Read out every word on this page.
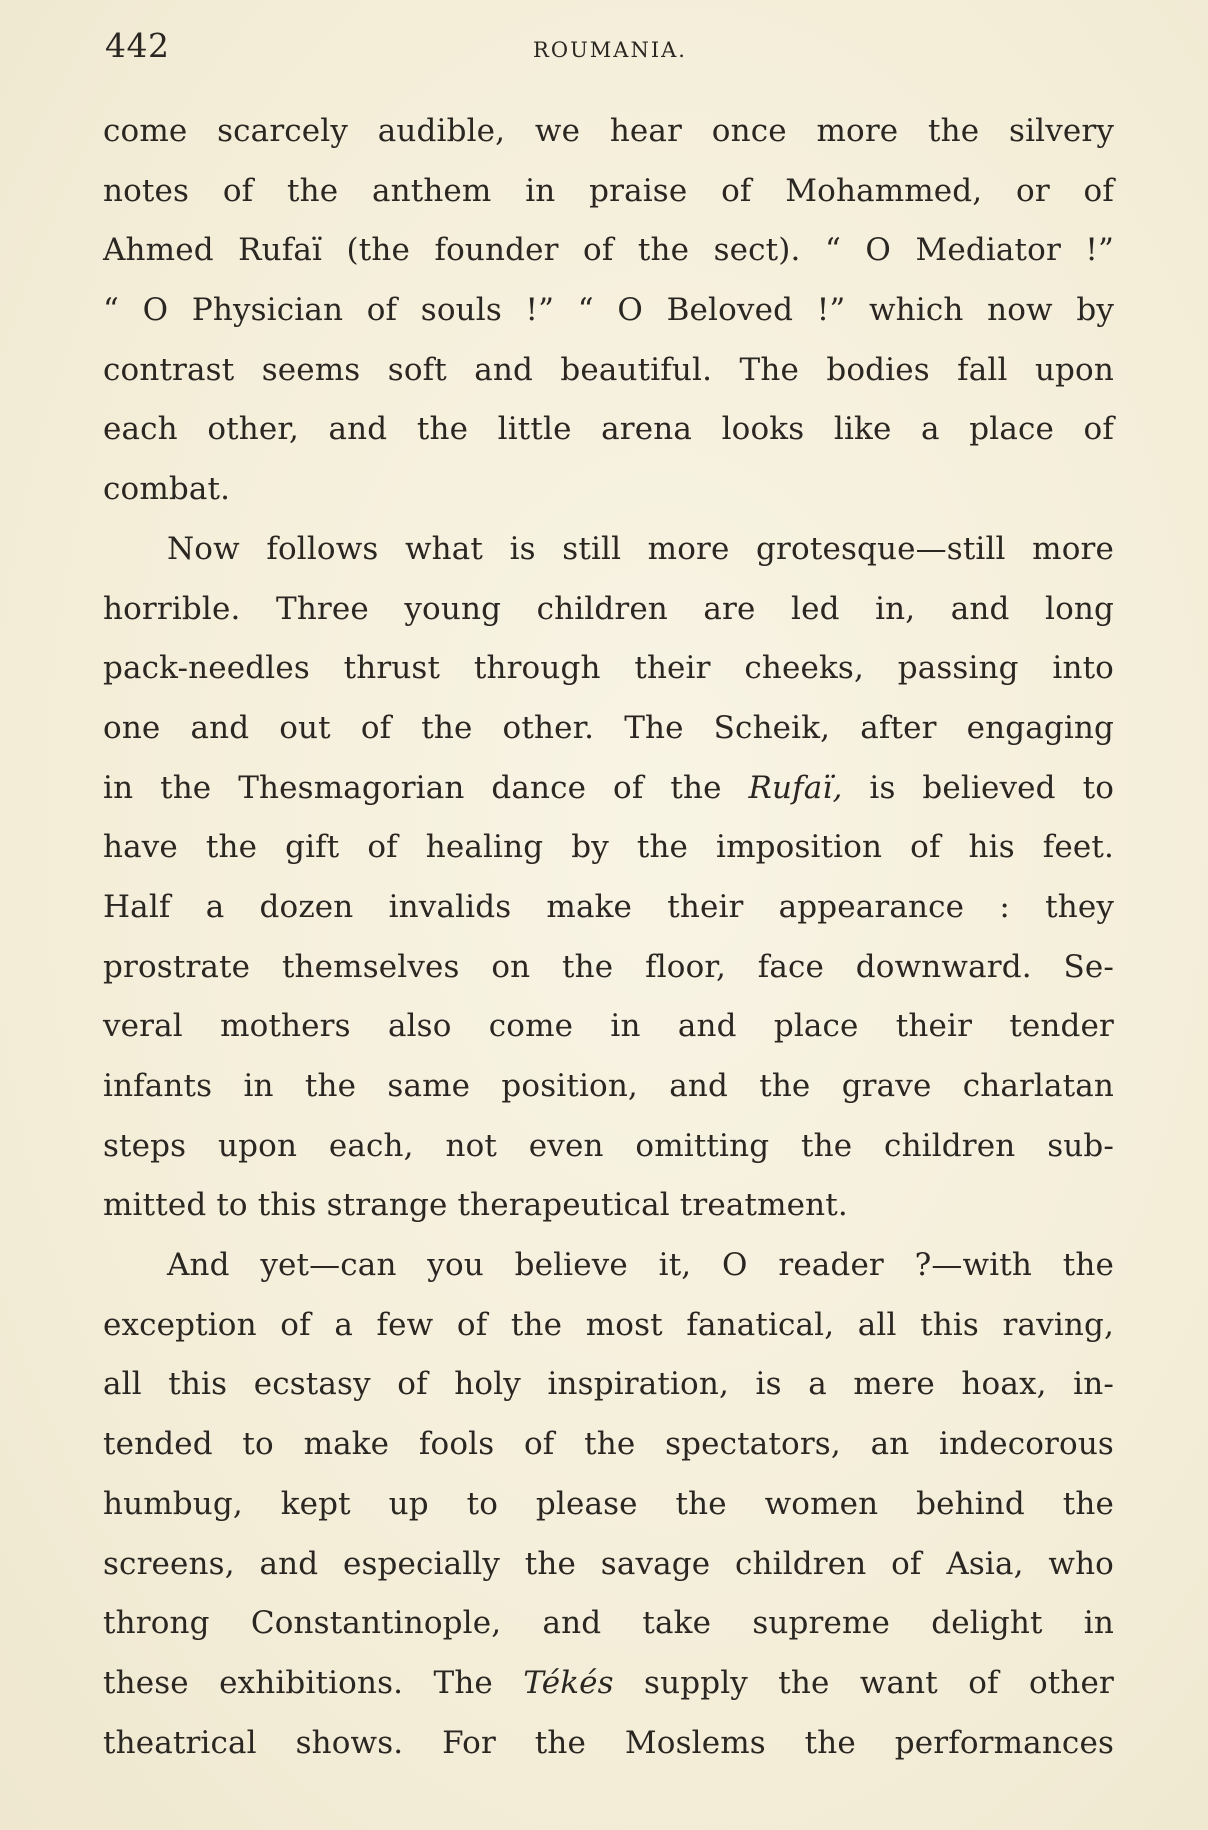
442	ROUMANIA.
come scarcely audible, we hear once more the silvery
notes of the anthem in praise of Mohammed, or of
Ahmed Rufaï (the founder of the sect). “ O Mediator !”
“ O Physician of souls !” “ O Beloved !” which now by
contrast seems soft and beautiful. The bodies fall upon
each other, and the little arena looks like a place of
combat.
Now follows what is still more grotesque—still more
horrible. Three young children are led in, and long
pack-needles thrust through their cheeks, passing into
one and out of the other. The Scheik, after engaging
in the Thesmagorian dance of the Rufaï, is believed to
have the gift of healing by the imposition of his feet.
Half a dozen invalids make their appearance : they
prostrate themselves on the floor, face downward. Se-
veral mothers also come in and place their tender
infants in the same position, and the grave charlatan
steps upon each, not even omitting the children sub-
mitted to this strange therapeutical treatment.
And yet—can you believe it, O reader ?—with the
exception of a few of the most fanatical, all this raving,
all this ecstasy of holy inspiration, is a mere hoax, in-
tended to make fools of the spectators, an indecorous
humbug, kept up to please the women behind the
screens, and especially the savage children of Asia, who
throng Constantinople, and take supreme delight in
these exhibitions. The Tékés supply the want of other
theatrical shows. For the Moslems the performances
